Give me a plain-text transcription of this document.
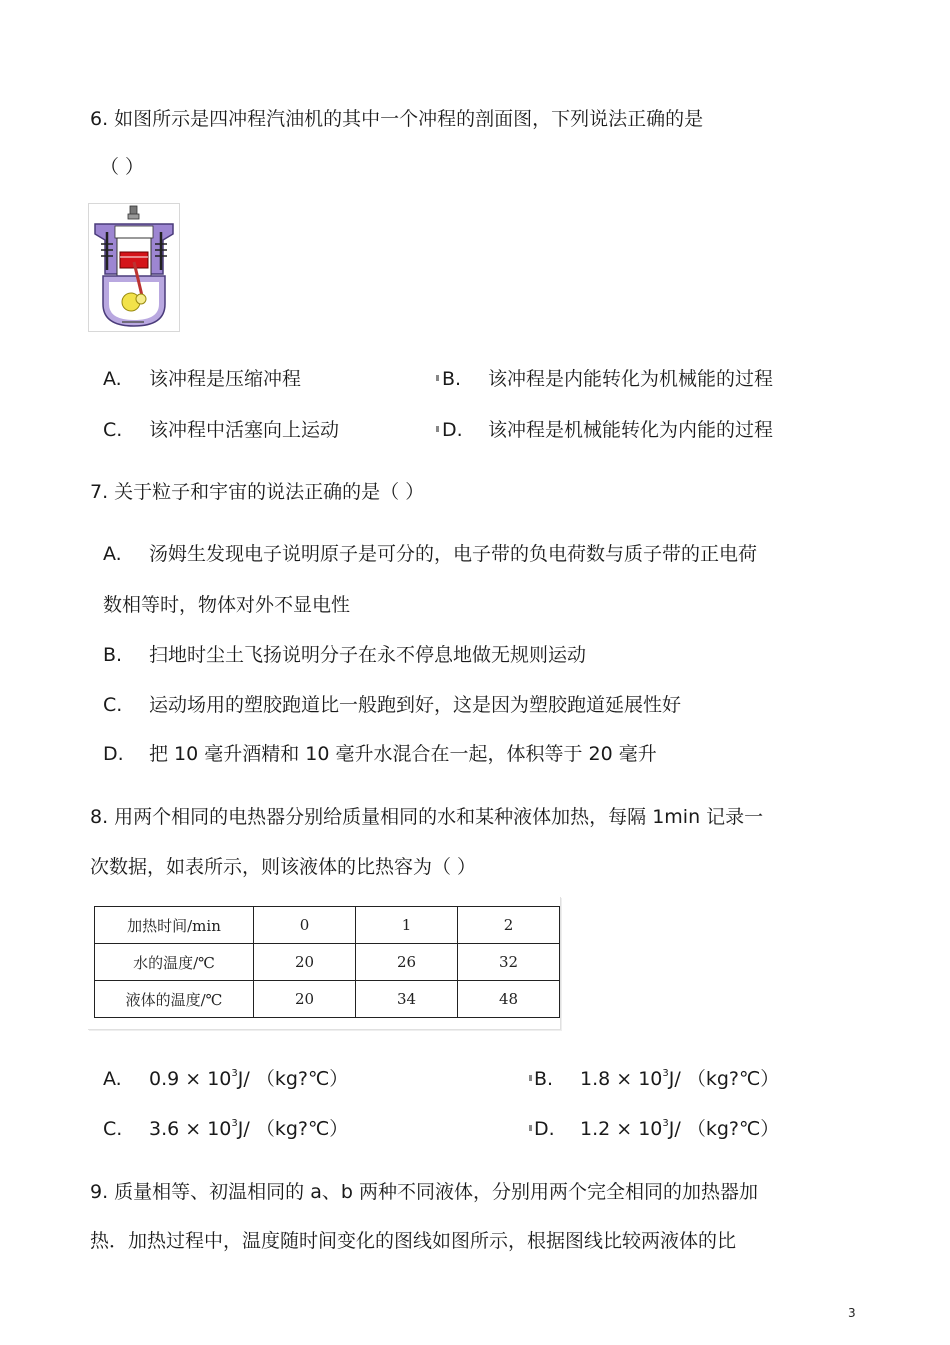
6. 如图所示是四冲程汽油机的其中一个冲程的剖面图，下列说法正确的是
（ ）
A. 该冲程是压缩冲程	B. 该冲程是内能转化为机械能的过程
C. 该冲程中活塞向上运动	D. 该冲程是机械能转化为内能的过程
7. 关于粒子和宇宙的说法正确的是（ ）
A. 汤姆生发现电子说明原子是可分的，电子带的负电荷数与质子带的正电荷
数相等时，物体对外不显电性
B. 扫地时尘土飞扬说明分子在永不停息地做无规则运动
C. 运动场用的塑胶跑道比一般跑到好，这是因为塑胶跑道延展性好
D. 把 10 毫升酒精和 10 毫升水混合在一起，体积等于 20 毫升
8. 用两个相同的电热器分别给质量相同的水和某种液体加热，每隔 1min 记录一
次数据，如表所示，则该液体的比热容为（ ）
加热时间/min	0	1	2
水的温度/℃	20	26	32
液体的温度/℃	20	34	48
A. $0.9 \times 10^3J/$ （kg?℃）	B. $1.8 \times 10^3J/$ （kg?℃）
C. $3.6 \times 10^3J/$ （kg?℃）	D. $1.2 \times 10^3J/$ （kg?℃）
9. 质量相等、初温相同的 a、b 两种不同液体，分别用两个完全相同的加热器加
热．加热过程中，温度随时间变化的图线如图所示，根据图线比较两液体的比
3
